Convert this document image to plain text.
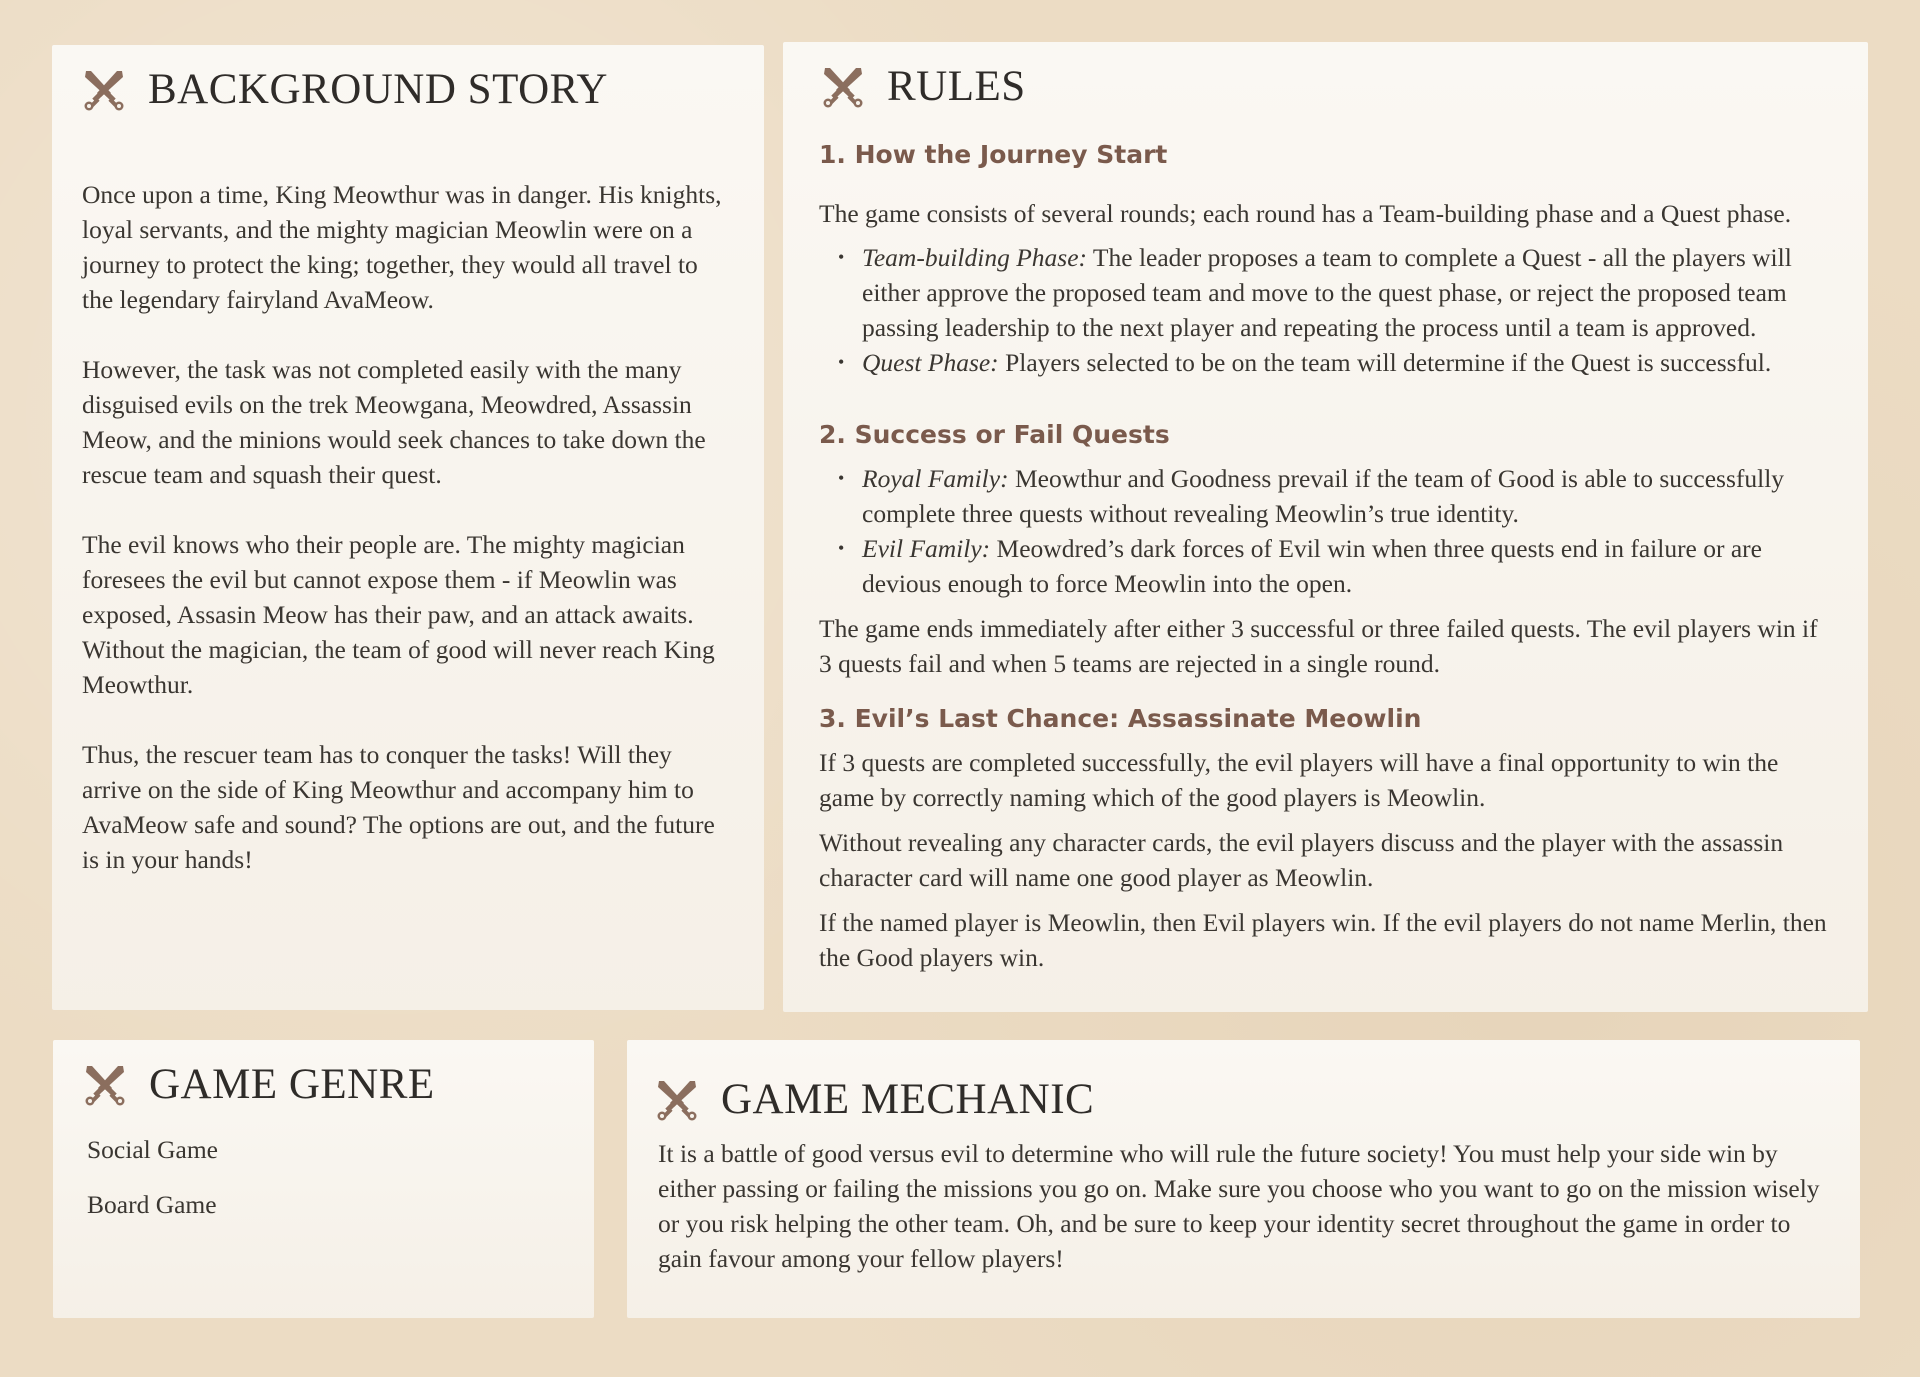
BACKGROUND STORY

Once upon a time, King Meowthur was in danger. His knights, loyal servants, and the mighty magician Meowlin were on a journey to protect the king; together, they would all travel to the legendary fairyland AvaMeow.

However, the task was not completed easily with the many disguised evils on the trek Meowgana, Meowdred, Assassin Meow, and the minions would seek chances to take down the rescue team and squash their quest.

The evil knows who their people are. The mighty magician foresees the evil but cannot expose them - if Meowlin was exposed, Assasin Meow has their paw, and an attack awaits. Without the magician, the team of good will never reach King Meowthur.

Thus, the rescuer team has to conquer the tasks! Will they arrive on the side of King Meowthur and accompany him to AvaMeow safe and sound? The options are out, and the future is in your hands!

RULES
1. How the Journey Start

The game consists of several rounds; each round has a Team-building phase and a Quest phase.

• Team-building Phase: The leader proposes a team to complete a Quest - all the players will either approve the proposed team and move to the quest phase, or reject the proposed team passing leadership to the next player and repeating the process until a team is approved.
• Quest Phase: Players selected to be on the team will determine if the Quest is successful.
2. Success or Fail Quests
• Royal Family: Meowthur and Goodness prevail if the team of Good is able to successfully complete three quests without revealing Meowlin’s true identity.
• Evil Family: Meowdred’s dark forces of Evil win when three quests end in failure or are devious enough to force Meowlin into the open.

The game ends immediately after either 3 successful or three failed quests. The evil players win if 3 quests fail and when 5 teams are rejected in a single round.

3. Evil’s Last Chance: Assassinate Meowlin

If 3 quests are completed successfully, the evil players will have a final opportunity to win the game by correctly naming which of the good players is Meowlin.

Without revealing any character cards, the evil players discuss and the player with the assassin character card will name one good player as Meowlin.

If the named player is Meowlin, then Evil players win. If the evil players do not name Merlin, then the Good players win.

GAME GENRE
Social Game
Board Game
GAME MECHANIC

It is a battle of good versus evil to determine who will rule the future society! You must help your side win by either passing or failing the missions you go on. Make sure you choose who you want to go on the mission wisely or you risk helping the other team. Oh, and be sure to keep your identity secret throughout the game in order to gain favour among your fellow players!
